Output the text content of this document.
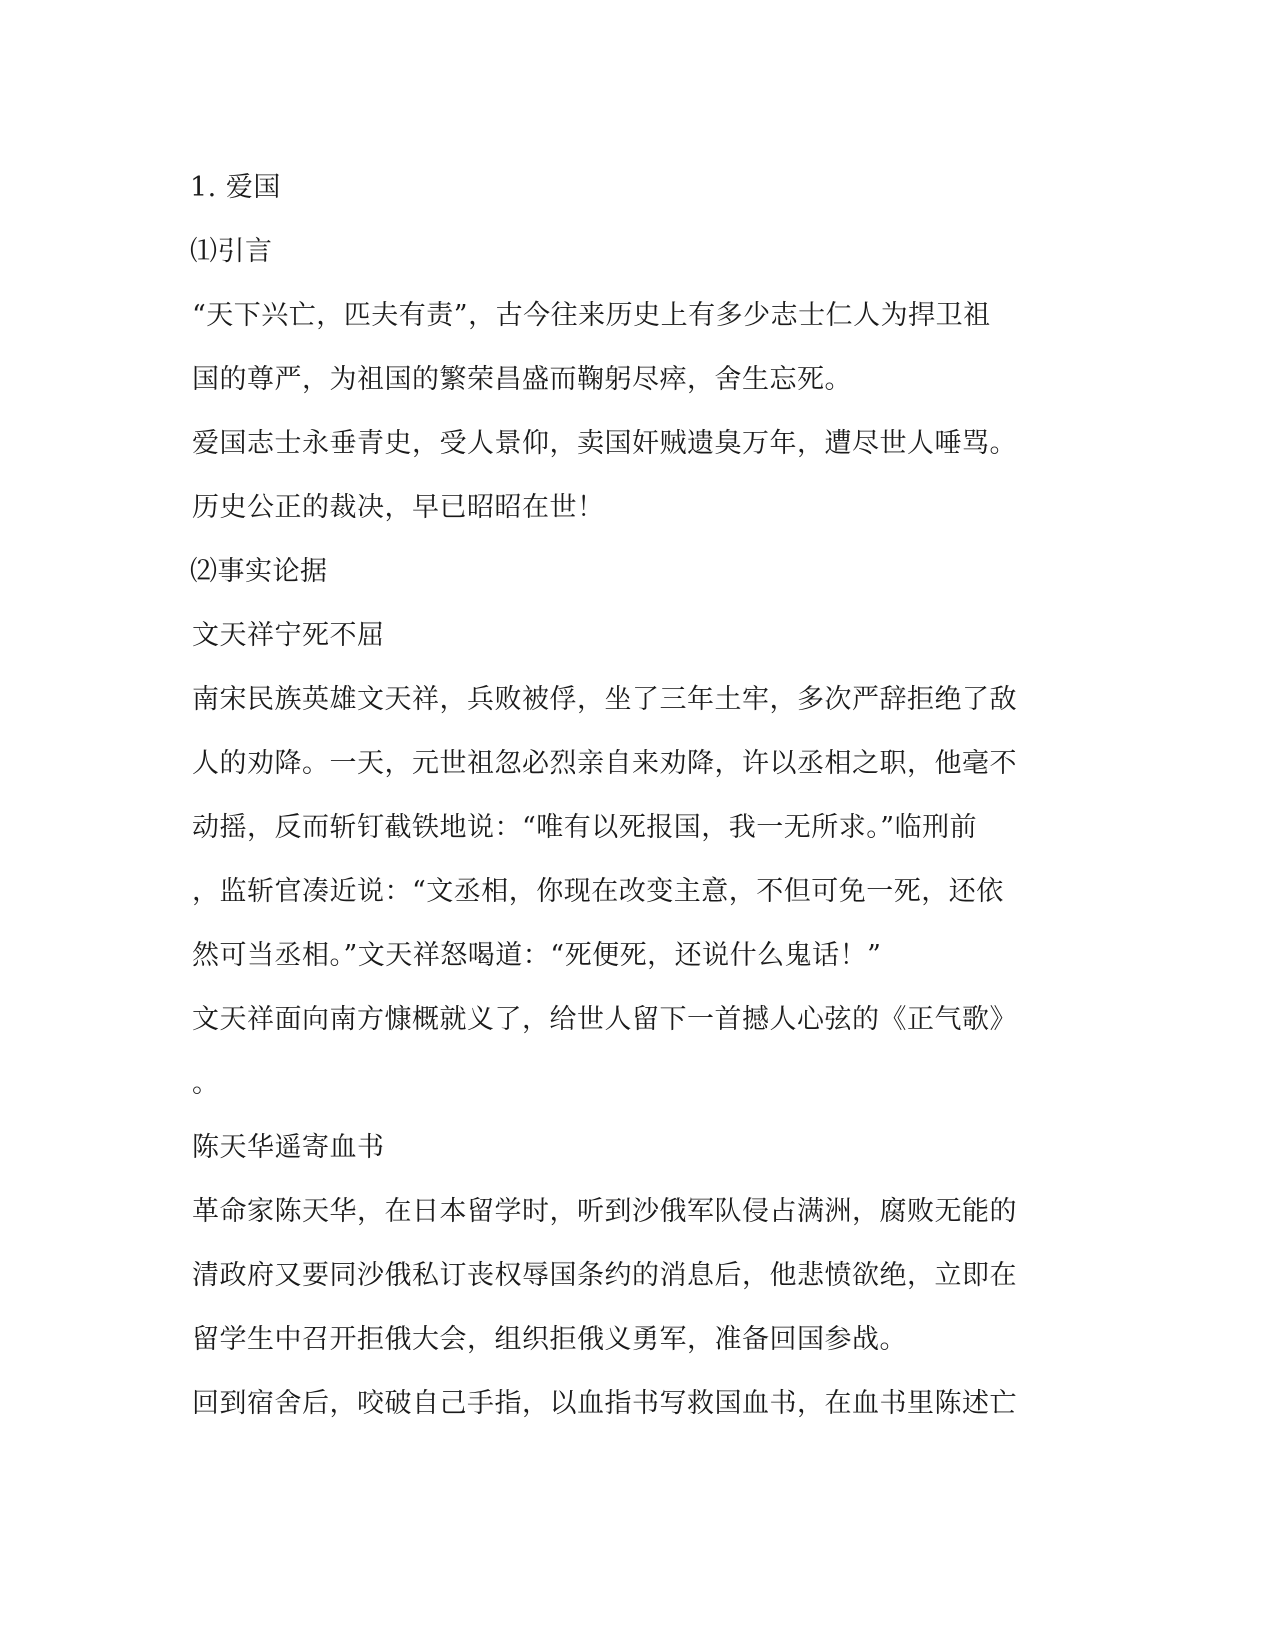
1. 爱国
⑴引言
“天下兴亡，匹夫有责”，古今往来历史上有多少志士仁人为捍卫祖
国的尊严，为祖国的繁荣昌盛而鞠躬尽瘁，舍生忘死。
爱国志士永垂青史，受人景仰，卖国奸贼遗臭万年，遭尽世人唾骂。
历史公正的裁决，早已昭昭在世！
⑵事实论据
文天祥宁死不屈
南宋民族英雄文天祥，兵败被俘，坐了三年土牢，多次严辞拒绝了敌
人的劝降。一天，元世祖忽必烈亲自来劝降，许以丞相之职，他毫不
动摇，反而斩钉截铁地说：“唯有以死报国，我一无所求。”临刑前
，监斩官凑近说：“文丞相，你现在改变主意，不但可免一死，还依
然可当丞相。”文天祥怒喝道：“死便死，还说什么鬼话！”
文天祥面向南方慷概就义了，给世人留下一首撼人心弦的《正气歌》
。
陈天华遥寄血书
革命家陈天华，在日本留学时，听到沙俄军队侵占满洲，腐败无能的
清政府又要同沙俄私订丧权辱国条约的消息后，他悲愤欲绝，立即在
留学生中召开拒俄大会，组织拒俄义勇军，准备回国参战。
回到宿舍后，咬破自己手指，以血指书写救国血书，在血书里陈述亡
